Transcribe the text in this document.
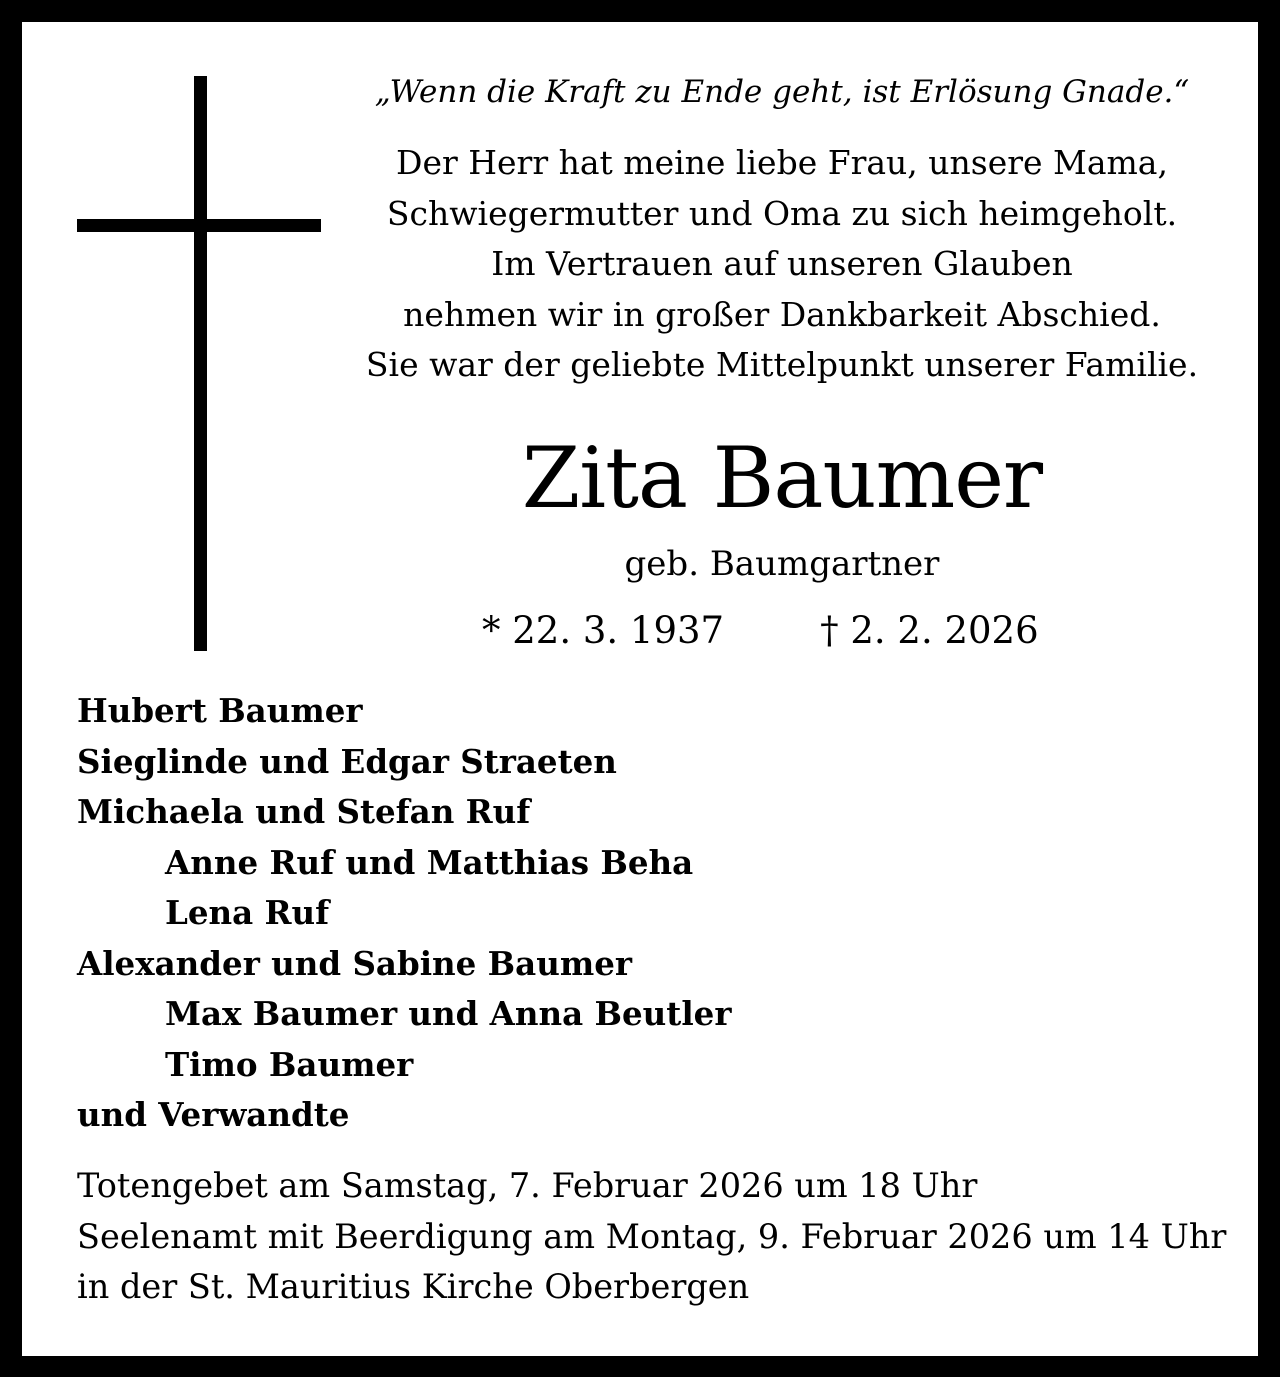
„Wenn die Kraft zu Ende geht, ist Erlösung Gnade.“
Der Herr hat meine liebe Frau, unsere Mama,
Schwiegermutter und Oma zu sich heimgeholt.
Im Vertrauen auf unseren Glauben
nehmen wir in großer Dankbarkeit Abschied.
Sie war der geliebte Mittelpunkt unserer Familie.
Zita Baumer
geb. Baumgartner
* 22. 3. 1937	† 2. 2. 2026
Hubert Baumer
Sieglinde und Edgar Straeten
Michaela und Stefan Ruf
Anne Ruf und Matthias Beha
Lena Ruf
Alexander und Sabine Baumer
Max Baumer und Anna Beutler
Timo Baumer
und Verwandte
Totengebet am Samstag, 7. Februar 2026 um 18 Uhr
Seelenamt mit Beerdigung am Montag, 9. Februar 2026 um 14 Uhr
in der St. Mauritius Kirche Oberbergen
